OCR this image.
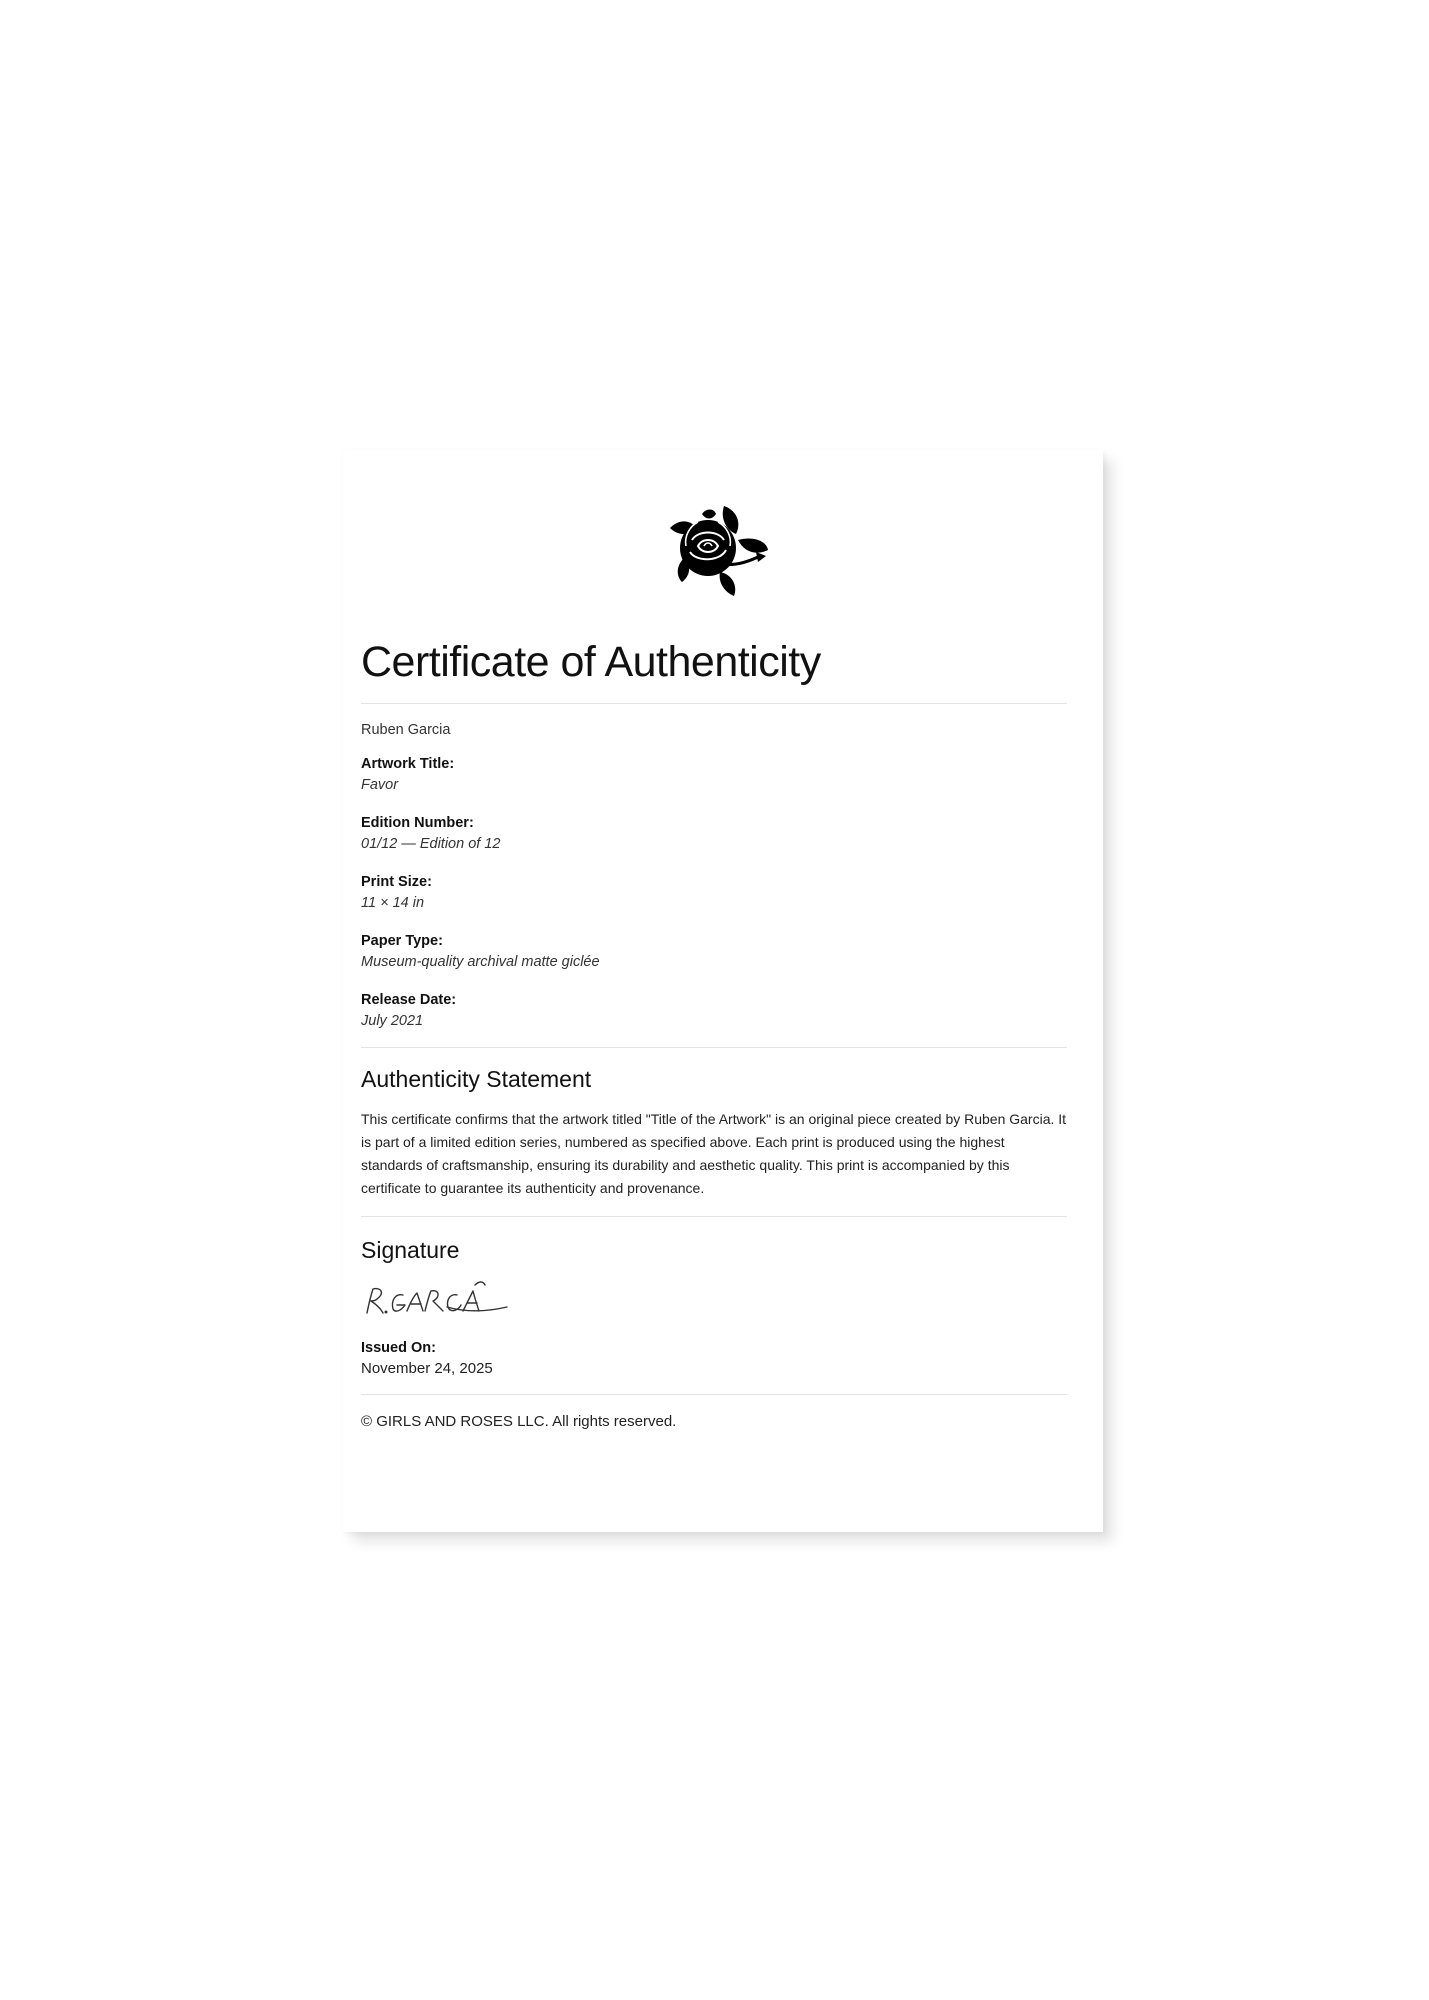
Certificate of Authenticity

Ruben Garcia

Artwork Title:

Favor

Edition Number:

01/12 — Edition of 12

Print Size:

11 × 14 in

Paper Type:

Museum-quality archival matte giclée

Release Date:

July 2021

Authenticity Statement

This certificate confirms that the artwork titled "Title of the Artwork" is an original piece created by Ruben Garcia. It is part of a limited edition series, numbered as specified above. Each print is produced using the highest standards of craftsmanship, ensuring its durability and aesthetic quality. This print is accompanied by this certificate to guarantee its authenticity and provenance.

Signature

Issued On:

November 24, 2025

© GIRLS AND ROSES LLC. All rights reserved.
